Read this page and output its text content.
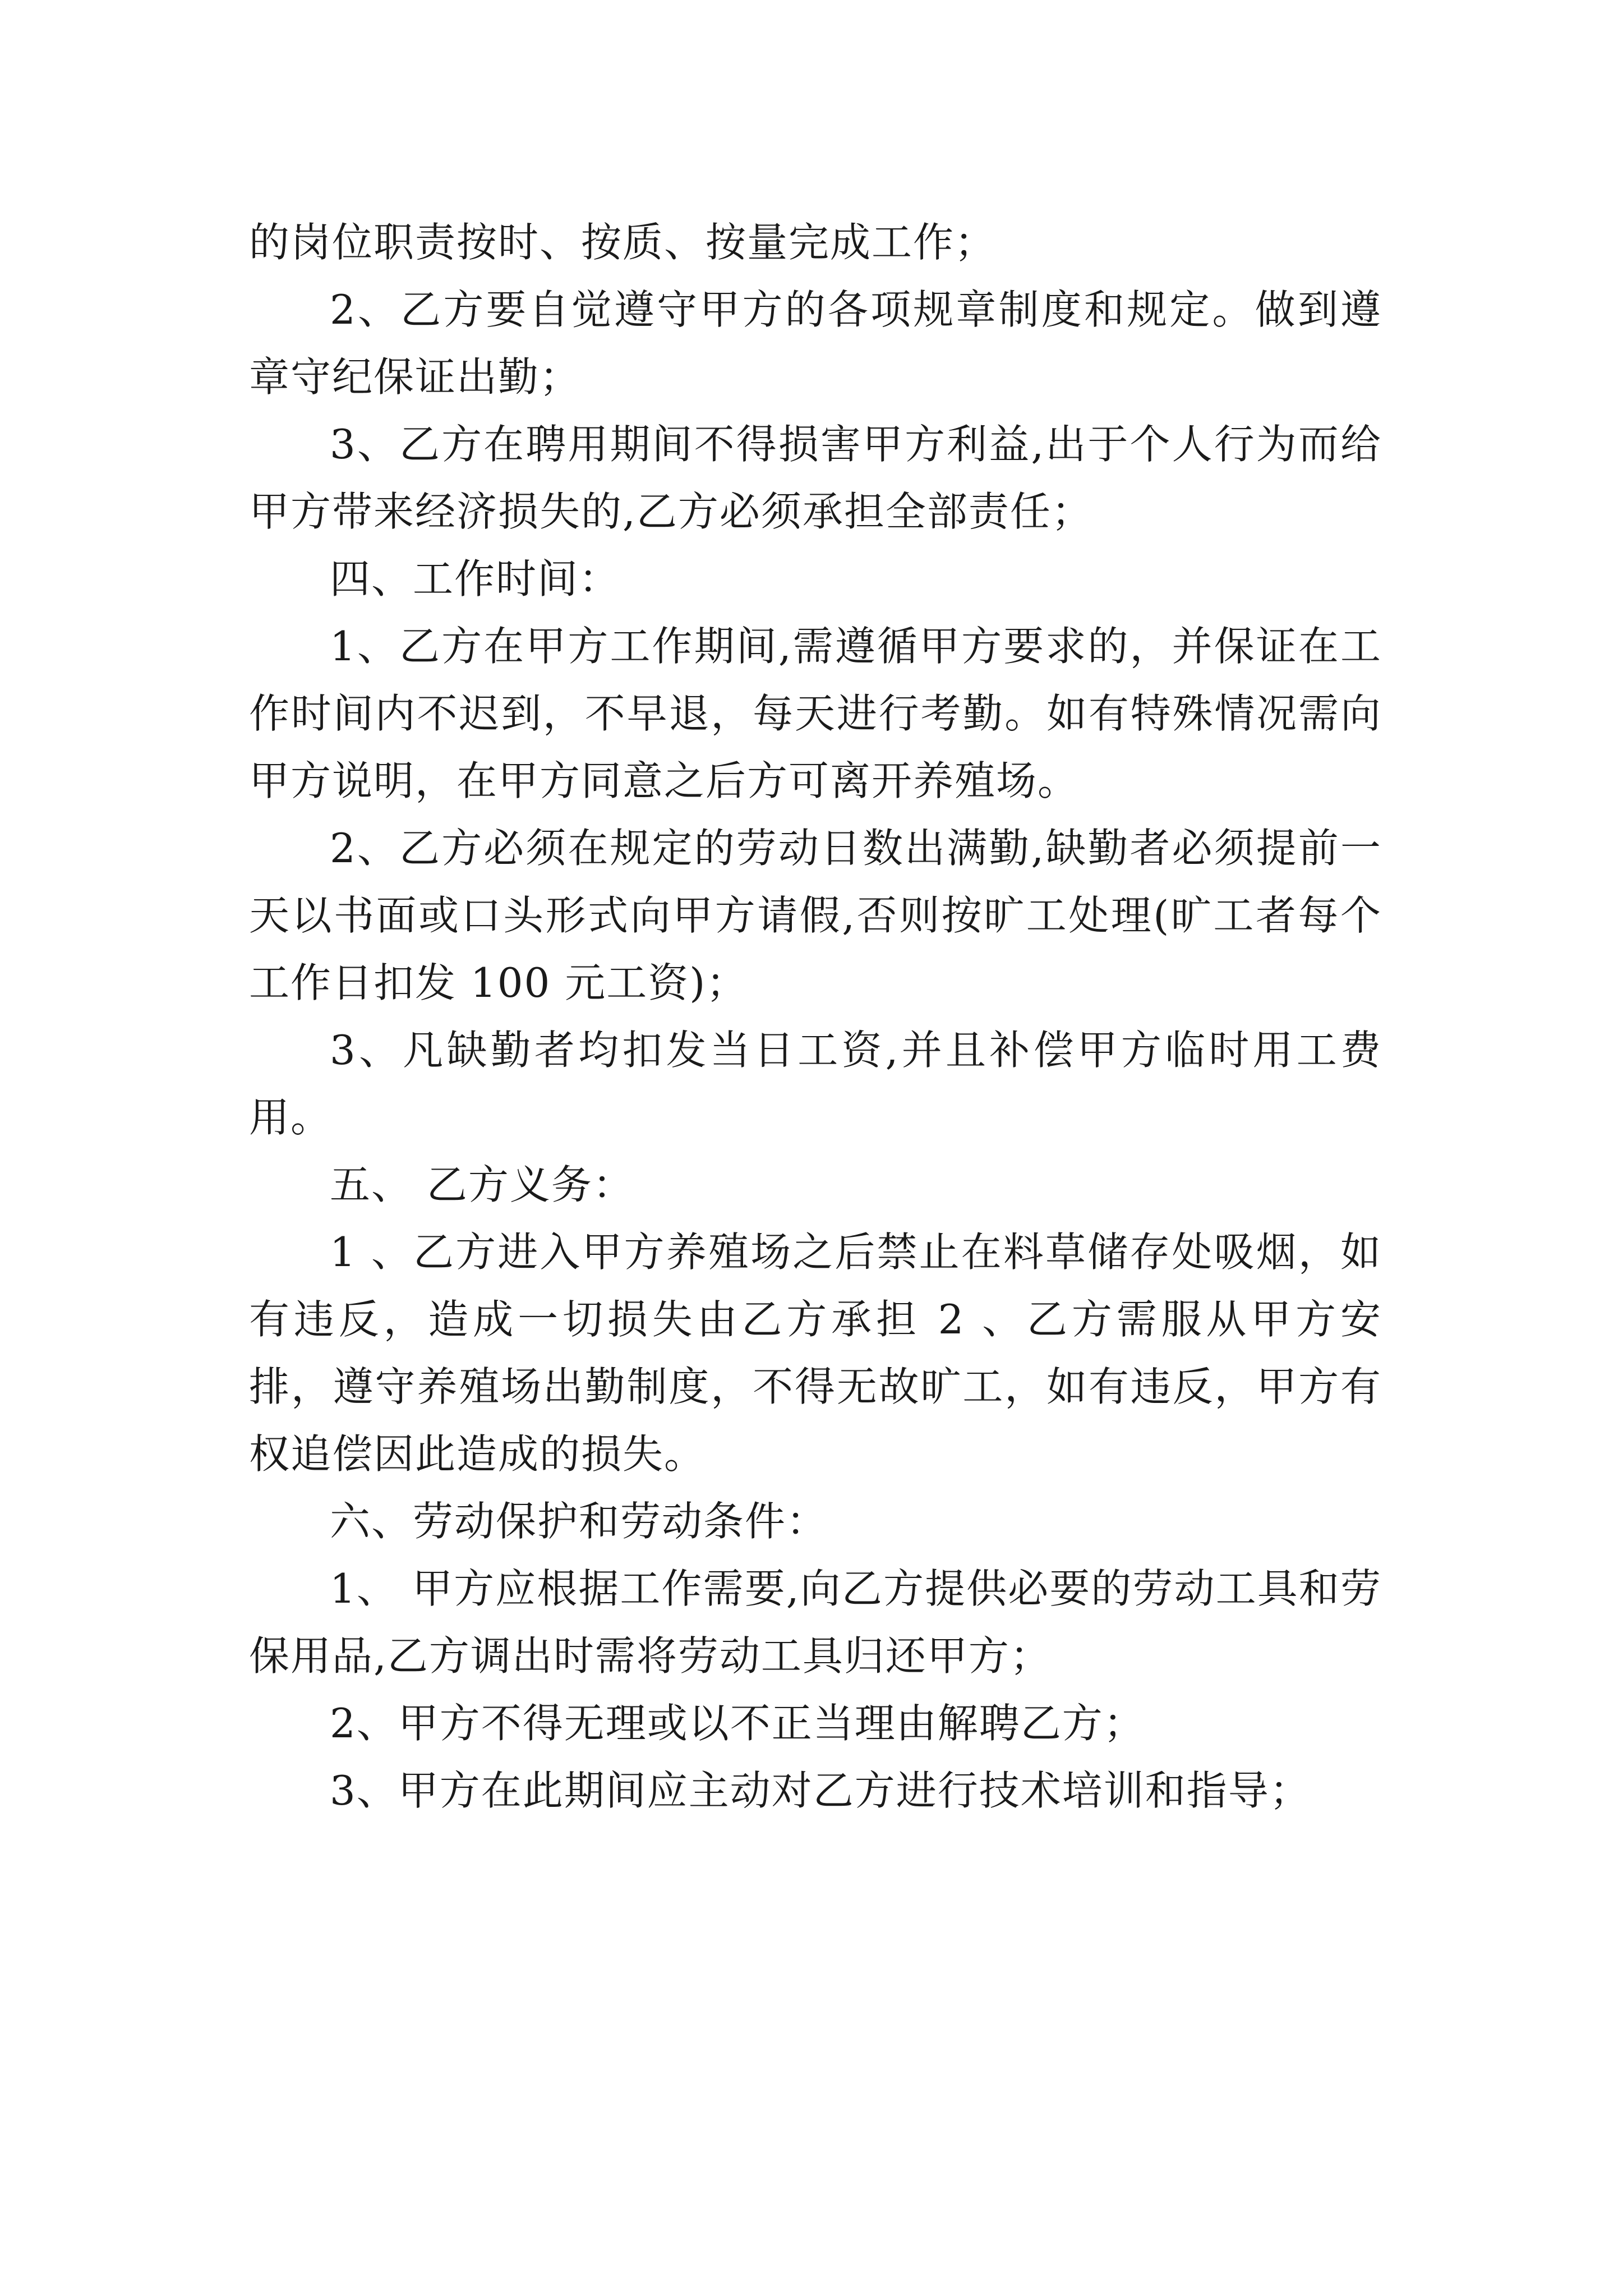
的岗位职责按时、按质、按量完成工作；

2、乙方要自觉遵守甲方的各项规章制度和规定。做到遵章守纪保证出勤；

3、乙方在聘用期间不得损害甲方利益,出于个人行为而给甲方带来经济损失的,乙方必须承担全部责任；

四、工作时间：

1、乙方在甲方工作期间,需遵循甲方要求的，并保证在工作时间内不迟到，不早退，每天进行考勤。如有特殊情况需向甲方说明，在甲方同意之后方可离开养殖场。

2、乙方必须在规定的劳动日数出满勤,缺勤者必须提前一天以书面或口头形式向甲方请假,否则按旷工处理(旷工者每个工作日扣发 100 元工资)；

3、凡缺勤者均扣发当日工资,并且补偿甲方临时用工费用。

五、 乙方义务：

1 、乙方进入甲方养殖场之后禁止在料草储存处吸烟，如有违反，造成一切损失由乙方承担 2 、乙方需服从甲方安排，遵守养殖场出勤制度，不得无故旷工，如有违反，甲方有权追偿因此造成的损失。

六、劳动保护和劳动条件：

1、 甲方应根据工作需要,向乙方提供必要的劳动工具和劳保用品,乙方调出时需将劳动工具归还甲方；

2、甲方不得无理或以不正当理由解聘乙方；

3、甲方在此期间应主动对乙方进行技术培训和指导；
